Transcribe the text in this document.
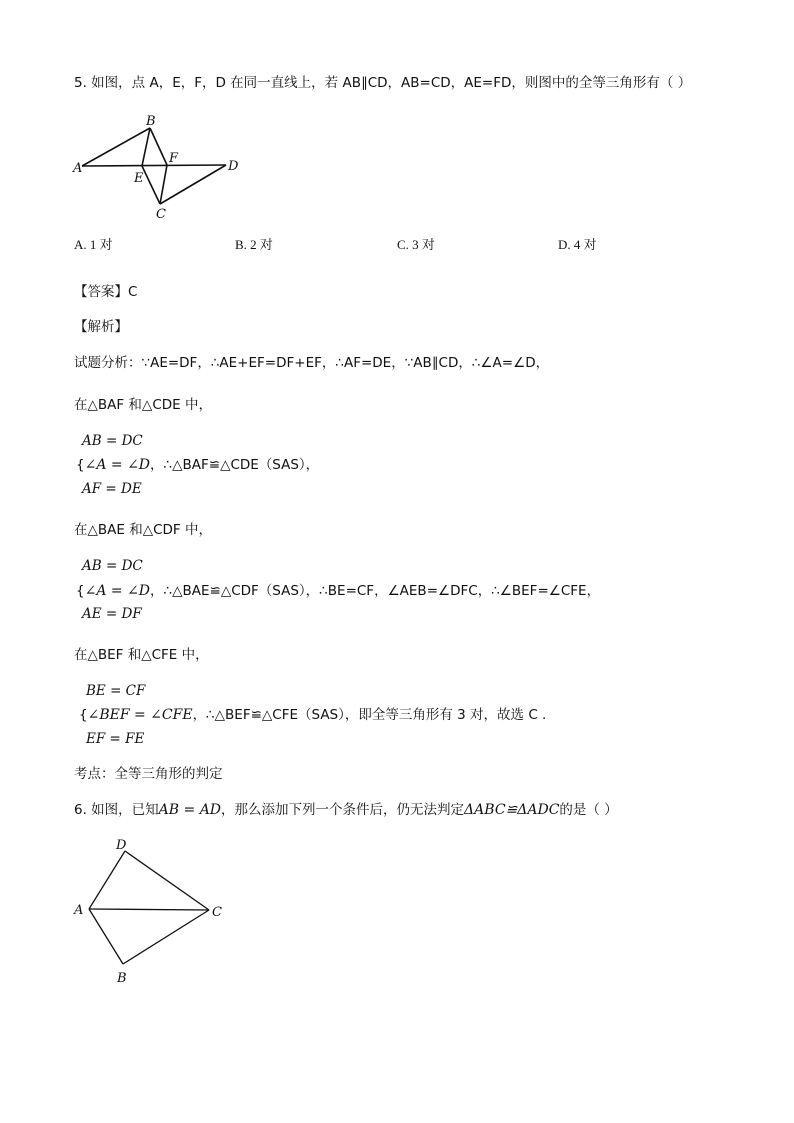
5. 如图，点 A，E，F，D 在同一直线上，若 AB∥CD，AB=CD，AE=FD，则图中的全等三角形有（ ）
A
B
E
F
D
C
A. 1 对	B. 2 对	C. 3 对	D. 4 对
【答案】C
【解析】
试题分析：∵AE=DF，∴AE+EF=DF+EF，∴AF=DE，∵AB∥CD，∴∠A=∠D，
在△BAF 和△CDE 中，
AB = DC
{∠A = ∠D，∴△BAF≌△CDE（SAS），
AF = DE
在△BAE 和△CDF 中，
AB = DC
{∠A = ∠D，∴△BAE≌△CDF（SAS），∴BE=CF，∠AEB=∠DFC，∴∠BEF=∠CFE，
AE = DF
在△BEF 和△CFE 中，
BE = CF
{∠BEF = ∠CFE，∴△BEF≌△CFE（SAS），即全等三角形有 3 对，故选 C .
EF = FE
考点：全等三角形的判定
6. 如图，已知AB = AD，那么添加下列一个条件后，仍无法判定ΔABC≌ΔADC的是（ ）
D
A	C
B
